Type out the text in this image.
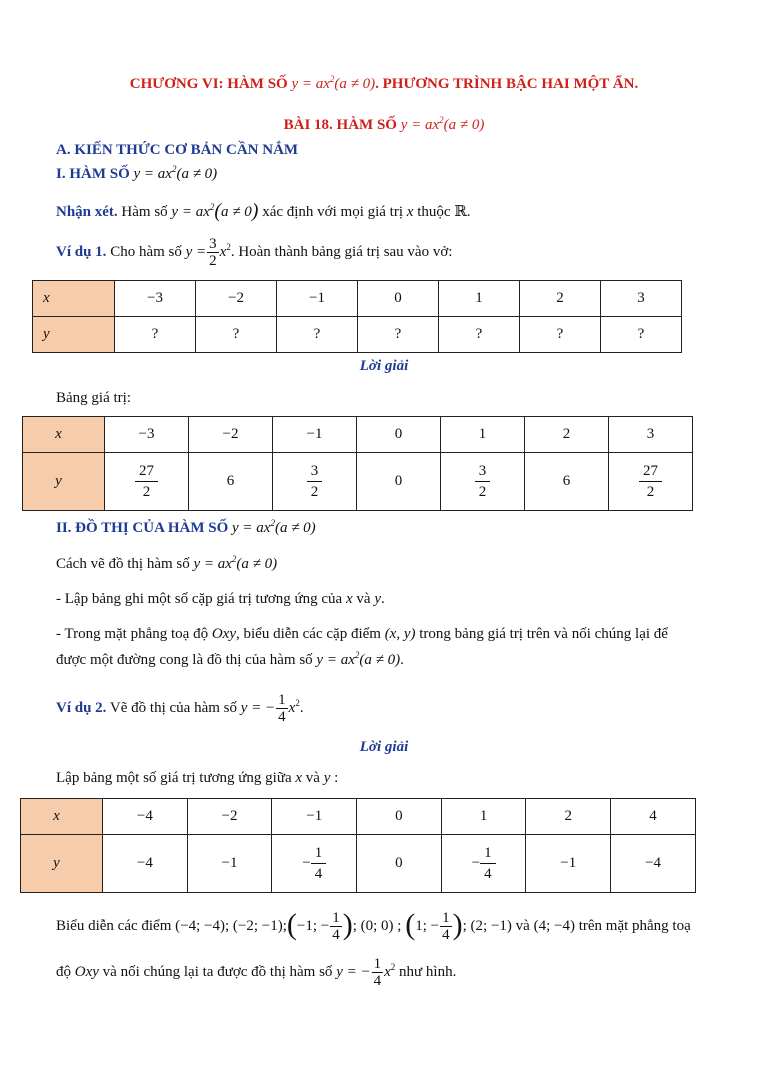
CHƯƠNG VI: HÀM SỐ $y = ax^2(a \ne 0)$. PHƯƠNG TRÌNH BẬC HAI MỘT ẨN.
BÀI 18. HÀM SỐ $y = ax^2(a \ne 0)$
A. KIẾN THỨC CƠ BẢN CẦN NẮM
I. HÀM SỐ $y = ax^2(a \ne 0)$
Nhận xét. Hàm số $y = ax^2(a \ne 0)$ xác định với mọi giá trị x thuộc ℝ.
Ví dụ 1. Cho hàm số $y = \frac{3}{2} x^2$. Hoàn thành bảng giá trị sau vào vở:
x	−3	−2	−1	0	1	2	3
y	?	?	?	?	?	?	?
Lời giải
Bảng giá trị:
x	−3	−2	−1	0	1	2	3
y	$\frac{27}{2}$	6	$\frac{3}{2}$	0	$\frac{3}{2}$	6	$\frac{27}{2}$
II. ĐỒ THỊ CỦA HÀM SỐ $y = ax^2(a \ne 0)$
Cách vẽ đồ thị hàm số $y = ax^2(a \ne 0)$
- Lập bảng ghi một số cặp giá trị tương ứng của x và y.
- Trong mặt phẳng toạ độ Oxy, biểu diễn các cặp điểm (x, y) trong bảng giá trị trên và nối chúng lại để
được một đường cong là đồ thị của hàm số $y = ax^2(a \ne 0)$.
Ví dụ 2. Vẽ đồ thị của hàm số y = − $\frac{1}{4} x^2$.
Lời giải
Lập bảng một số giá trị tương ứng giữa x và y :
x	−4	−2	−1	0	1	2	4
y	−4	−1	− $\frac{1}{4}$	0	− $\frac{1}{4}$	−1	−4
Biểu diễn các điểm (−4; −4); (−2; −1);(−1; − $\frac{1}{4}$ ); (0; 0) ; (1; − $\frac{1}{4}$ ); (2; −1) và (4; −4) trên mặt phẳng toạ
độ Oxy và nối chúng lại ta được đồ thị hàm số y = − $\frac{1}{4} x^2$ như hình.
